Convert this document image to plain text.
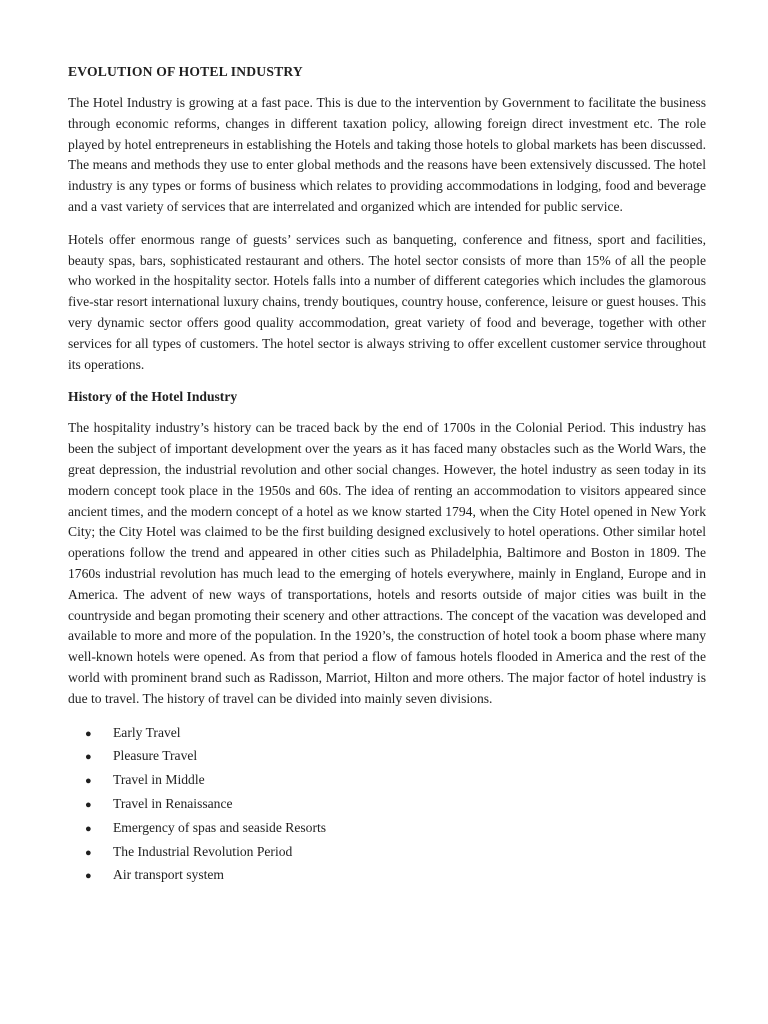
EVOLUTION OF HOTEL INDUSTRY

The Hotel Industry is growing at a fast pace. This is due to the intervention by Government to facilitate the business through economic reforms, changes in different taxation policy, allowing foreign direct investment etc. The role played by hotel entrepreneurs in establishing the Hotels and taking those hotels to global markets has been discussed. The means and methods they use to enter global methods and the reasons have been extensively discussed. The hotel industry is any types or forms of business which relates to providing accommodations in lodging, food and beverage and a vast variety of services that are interrelated and organized which are intended for public service.

Hotels offer enormous range of guests’ services such as banqueting, conference and fitness, sport and facilities, beauty spas, bars, sophisticated restaurant and others. The hotel sector consists of more than 15% of all the people who worked in the hospitality sector. Hotels falls into a number of different categories which includes the glamorous five-star resort international luxury chains, trendy boutiques, country house, conference, leisure or guest houses. This very dynamic sector offers good quality accommodation, great variety of food and beverage, together with other services for all types of customers. The hotel sector is always striving to offer excellent customer service throughout its operations.

History of the Hotel Industry

The hospitality industry’s history can be traced back by the end of 1700s in the Colonial Period. This industry has been the subject of important development over the years as it has faced many obstacles such as the World Wars, the great depression, the industrial revolution and other social changes. However, the hotel industry as seen today in its modern concept took place in the 1950s and 60s. The idea of renting an accommodation to visitors appeared since ancient times, and the modern concept of a hotel as we know started 1794, when the City Hotel opened in New York City; the City Hotel was claimed to be the first building designed exclusively to hotel operations. Other similar hotel operations follow the trend and appeared in other cities such as Philadelphia, Baltimore and Boston in 1809. The 1760s industrial revolution has much lead to the emerging of hotels everywhere, mainly in England, Europe and in America. The advent of new ways of transportations, hotels and resorts outside of major cities was built in the countryside and began promoting their scenery and other attractions. The concept of the vacation was developed and available to more and more of the population. In the 1920’s, the construction of hotel took a boom phase where many well-known hotels were opened. As from that period a flow of famous hotels flooded in America and the rest of the world with prominent brand such as Radisson, Marriot, Hilton and more others. The major factor of hotel industry is due to travel. The history of travel can be divided into mainly seven divisions.

●	Early Travel
●	Pleasure Travel
●	Travel in Middle
●	Travel in Renaissance
●	Emergency of spas and seaside Resorts
●	The Industrial Revolution Period
●	Air transport system
